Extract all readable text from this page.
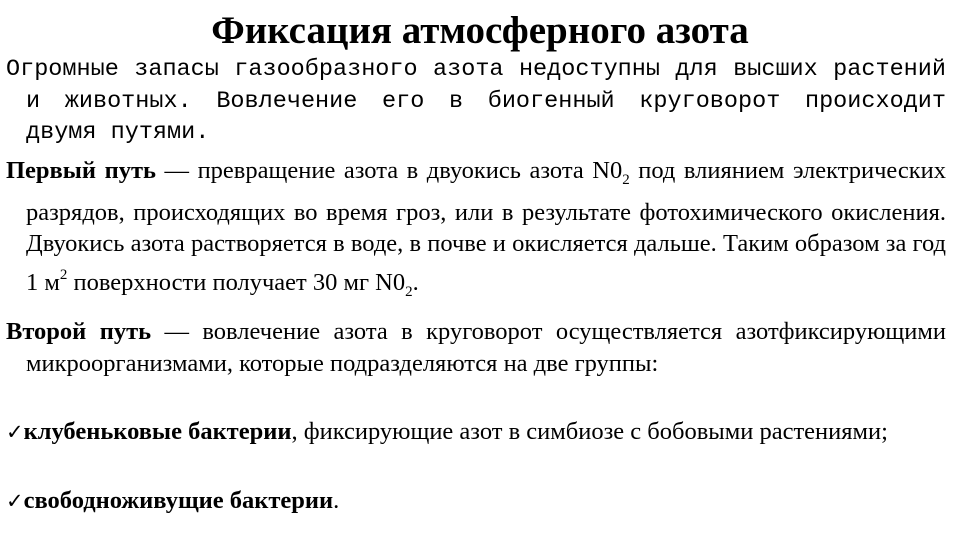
Фиксация атмосферного азота
Огромные запасы газообразного азота недоступны для высших растений и животных. Вовлечение его в биогенный круговорот происходит двумя путями.
Первый путь — превращение азота в двуокись азота $N0_2$ под влиянием электрических разрядов, происходящих во время гроз, или в результате фотохимического окисления. Двуокись азота растворяется в воде, в почве и окисляется дальше. Таким образом за год 1 $м^2$ поверхности получает 30 мг $N0_2$.
Второй путь — вовлечение азота в круговорот осуществляется азотфиксирующими микроорганизмами, которые подразделяются на две группы:
✓клубеньковые бактерии, фиксирующие азот в симбиозе с бобовыми растениями;
✓свободноживущие бактерии.
